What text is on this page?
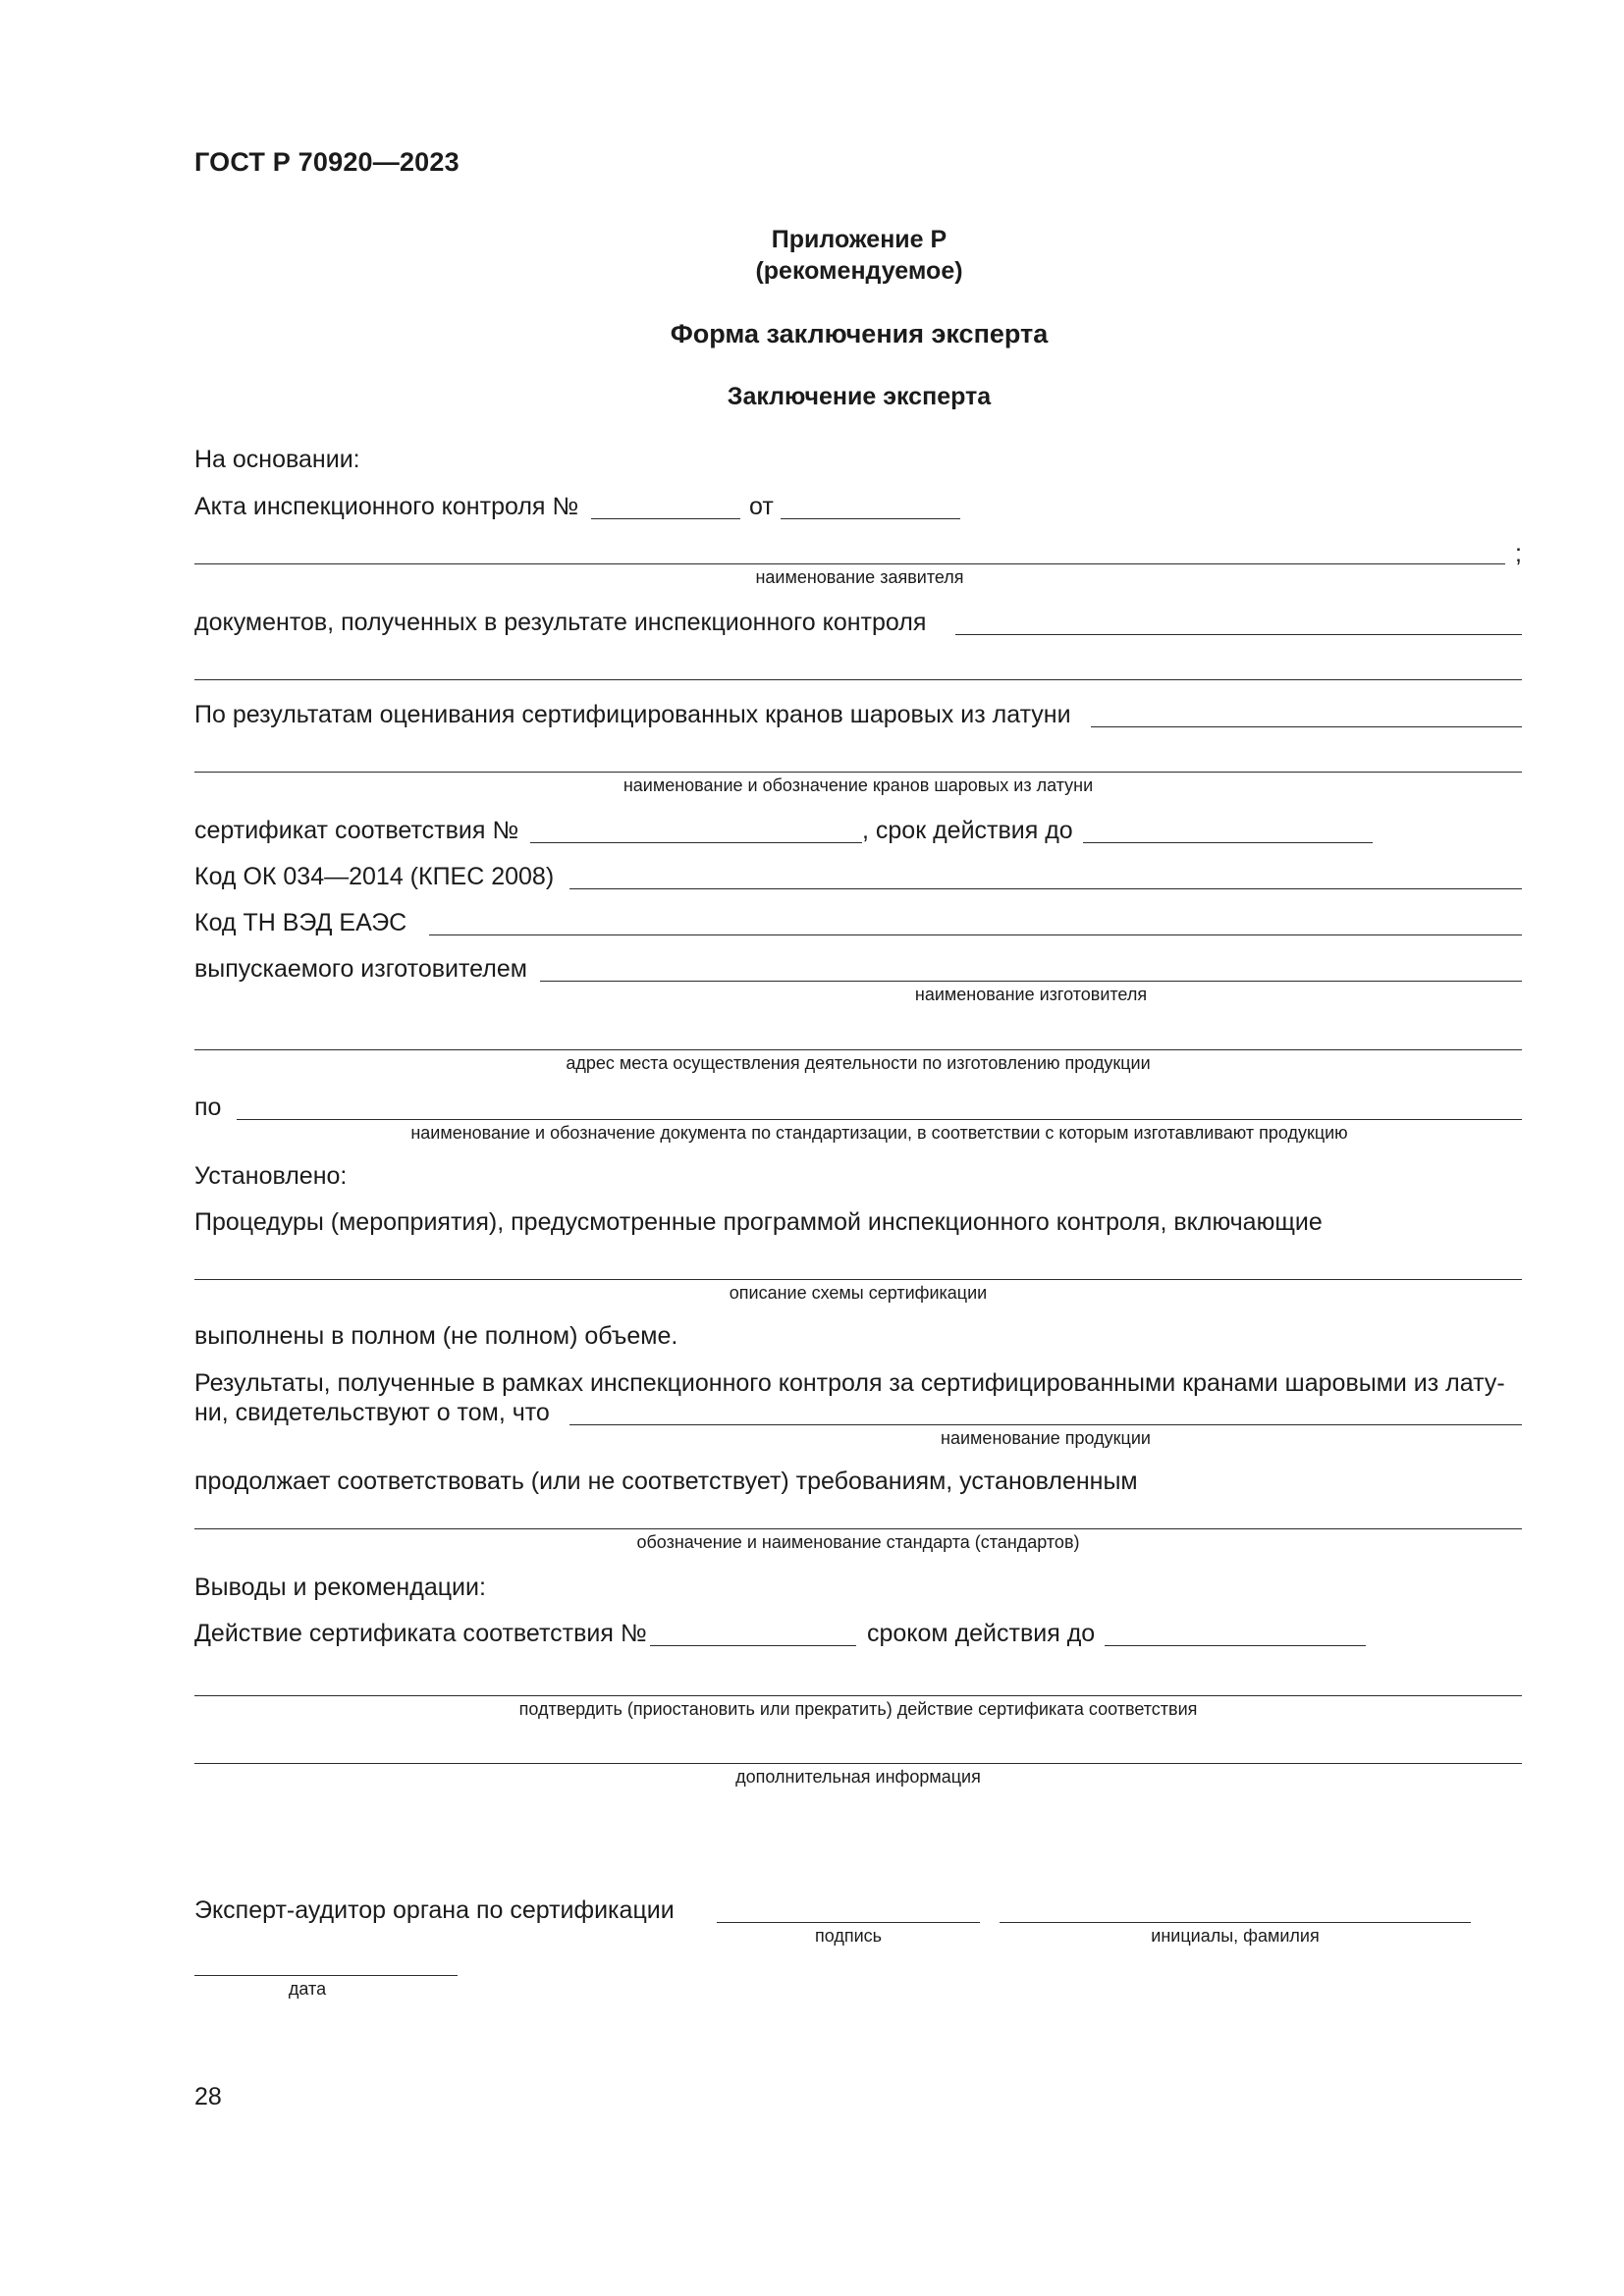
ГОСТ Р 70920—2023
Приложение Р
(рекомендуемое)
Форма заключения эксперта
Заключение эксперта
На основании:
Акта инспекционного контроля №	от
;
наименование заявителя
документов, полученных в результате инспекционного контроля
По результатам оценивания сертифицированных кранов шаровых из латуни
наименование и обозначение кранов шаровых из латуни
сертификат соответствия №	, срок действия до
Код ОК 034—2014 (КПЕС 2008)
Код ТН ВЭД ЕАЭС
выпускаемого изготовителем
наименование изготовителя
адрес места осуществления деятельности по изготовлению продукции
по
наименование и обозначение документа по стандартизации, в соответствии с которым изготавливают продукцию
Установлено:
Процедуры (мероприятия), предусмотренные программой инспекционного контроля, включающие
описание схемы сертификации
выполнены в полном (не полном) объеме.
Результаты, полученные в рамках инспекционного контроля за сертифицированными кранами шаровыми из лату-
ни, свидетельствуют о том, что
наименование продукции
продолжает соответствовать (или не соответствует) требованиям, установленным
обозначение и наименование стандарта (стандартов)
Выводы и рекомендации:
Действие сертификата соответствия №	сроком действия до
подтвердить (приостановить или прекратить) действие сертификата соответствия
дополнительная информация
Эксперт-аудитор органа по сертификации
подпись	инициалы, фамилия
дата
28
